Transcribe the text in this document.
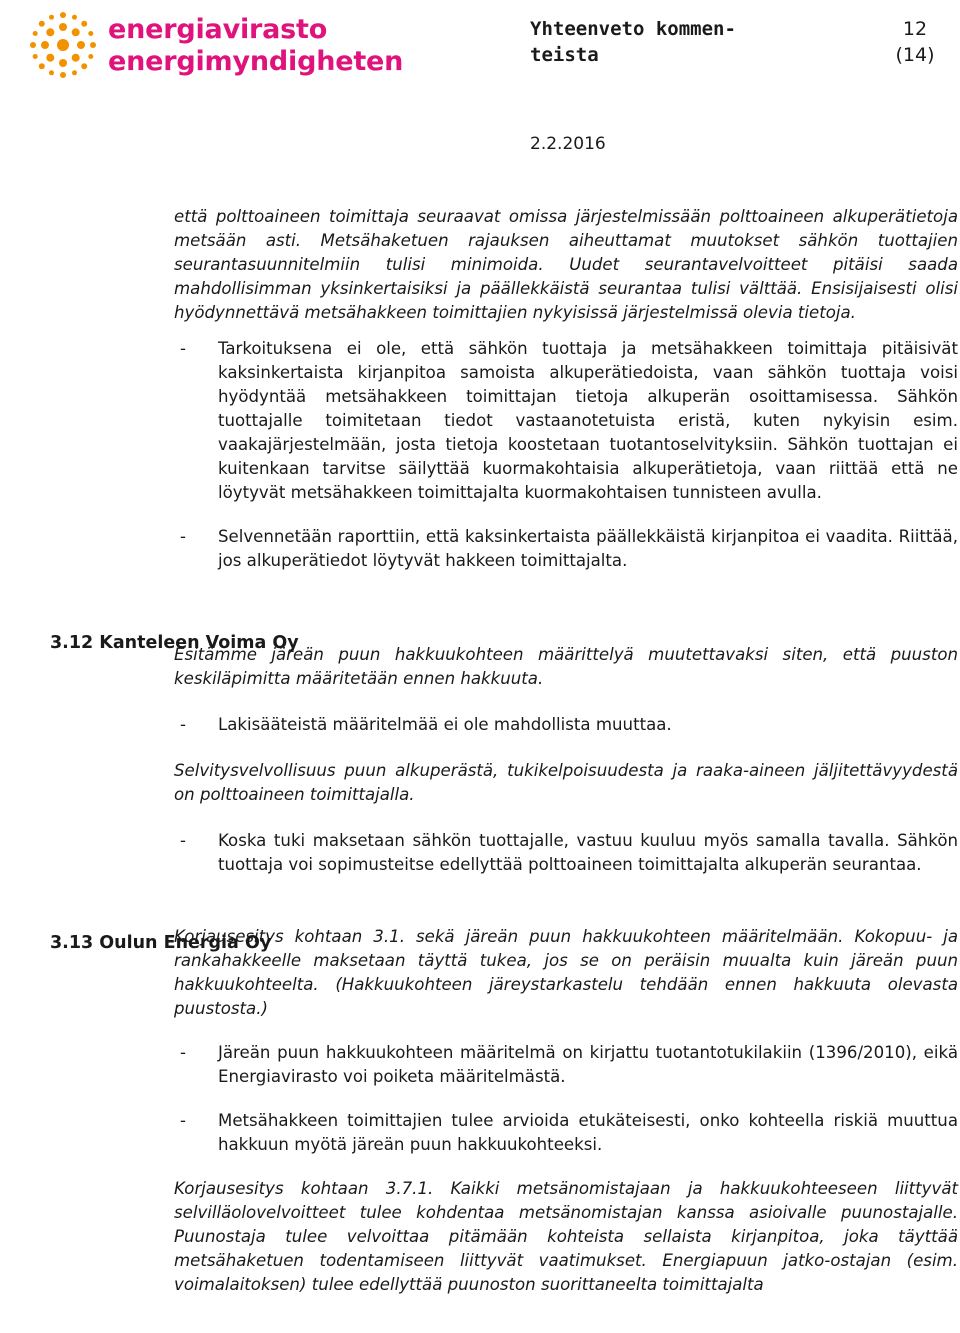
energiavirasto
energimyndigheten
Yhteenveto kommen- teista
12
(14)
2.2.2016
3.12 Kanteleen Voima Oy
3.13 Oulun Energia Oy

että polttoaineen toimittaja seuraavat omissa järjestelmissään polttoaineen alkuperätietoja metsään asti. Metsähaketuen rajauksen aiheuttamat muutokset sähkön tuottajien seurantasuunnitelmiin tulisi minimoida. Uudet seurantavelvoitteet pitäisi saada mahdollisimman yksinkertaisiksi ja päällekkäistä seurantaa tulisi välttää. Ensisijaisesti olisi hyödynnettävä metsähakkeen toimittajien nykyisissä järjestelmissä olevia tietoja.

- Tarkoituksena ei ole, että sähkön tuottaja ja metsähakkeen toimittaja pitäisivät kaksinkertaista kirjanpitoa samoista alkuperätiedoista, vaan sähkön tuottaja voisi hyödyntää metsähakkeen toimittajan tietoja alkuperän osoittamisessa. Sähkön tuottajalle toimitetaan tiedot vastaanotetuista eristä, kuten nykyisin esim. vaakajärjestelmään, josta tietoja koostetaan tuotantoselvityksiin. Sähkön tuottajan ei kuitenkaan tarvitse säilyttää kuormakohtaisia alkuperätietoja, vaan riittää että ne löytyvät metsähakkeen toimittajalta kuormakohtaisen tunnisteen avulla.

- Selvennetään raporttiin, että kaksinkertaista päällekkäistä kirjanpitoa ei vaadita. Riittää, jos alkuperätiedot löytyvät hakkeen toimittajalta.

Esitämme järeän puun hakkuukohteen määrittelyä muutettavaksi siten, että puuston keskiläpimitta määritetään ennen hakkuuta.

- Lakisääteistä määritelmää ei ole mahdollista muuttaa.

Selvitysvelvollisuus puun alkuperästä, tukikelpoisuudesta ja raaka-aineen jäljitettävyydestä on polttoaineen toimittajalla.

- Koska tuki maksetaan sähkön tuottajalle, vastuu kuuluu myös samalla tavalla. Sähkön tuottaja voi sopimusteitse edellyttää polttoaineen toimittajalta alkuperän seurantaa.

Korjausesitys kohtaan 3.1. sekä järeän puun hakkuukohteen määritelmään. Kokopuu- ja rankahakkeelle maksetaan täyttä tukea, jos se on peräisin muualta kuin järeän puun hakkuukohteelta. (Hakkuukohteen järeystarkastelu tehdään ennen hakkuuta olevasta puustosta.)

- Järeän puun hakkuukohteen määritelmä on kirjattu tuotantotukilakiin (1396/2010), eikä Energiavirasto voi poiketa määritelmästä.

- Metsähakkeen toimittajien tulee arvioida etukäteisesti, onko kohteella riskiä muuttua hakkuun myötä järeän puun hakkuukohteeksi.

Korjausesitys kohtaan 3.7.1. Kaikki metsänomistajaan ja hakkuukohteeseen liittyvät selvilläolovelvoitteet tulee kohdentaa metsänomistajan kanssa asioivalle puunostajalle. Puunostaja tulee velvoittaa pitämään kohteista sellaista kirjanpitoa, joka täyttää metsähaketuen todentamiseen liittyvät vaatimukset. Energiapuun jatko-ostajan (esim. voimalaitoksen) tulee edellyttää puunoston suorittaneelta toimittajalta
